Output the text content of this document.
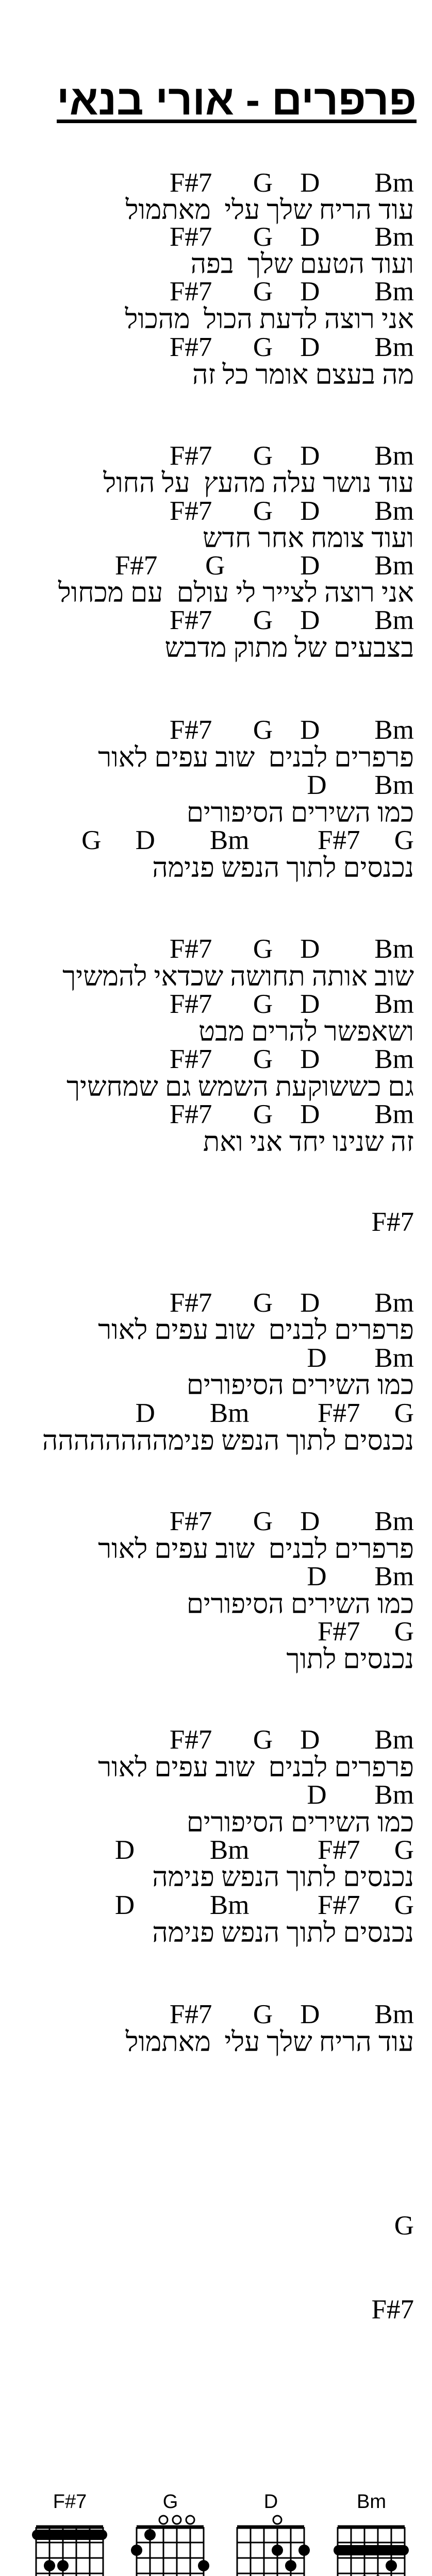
פרפרים - אורי בנאי
F#7      G    D        Bm
עוד הריח שלך עלי  מאתמול
F#7      G    D        Bm
ועוד הטעם שלך  בפה
F#7      G    D        Bm
אני רוצה לדעת הכול  מהכול
F#7      G    D        Bm
מה בעצם אומר כל זה
F#7      G    D        Bm
עוד נושר עלה מהעץ  על החול
F#7      G    D        Bm
ועוד צומח אחר חדש
F#7       G           D        Bm
אני רוצה לצייר לי עולם  עם מכחול
F#7      G    D        Bm
בצבעים של מתוק מדבש
F#7      G    D        Bm
פרפרים לבנים  שוב עפים לאור
D       Bm
כמו השירים הסיפורים
G     D        Bm          F#7     G
נכנסים לתוך הנפש פנימה
F#7      G    D        Bm
שוב אותה תחושה שכדאי להמשיך
F#7      G    D        Bm
ושאפשר להרים מבט
F#7      G    D        Bm
גם כששוקעת השמש גם שמחשיך
F#7      G    D        Bm
זה שנינו יחד אני ואת
F#7
F#7      G    D        Bm
פרפרים לבנים  שוב עפים לאור
D       Bm
כמו השירים הסיפורים
D        Bm          F#7     G
נכנסים לתוך הנפש פנימהההההההה
F#7      G    D        Bm
פרפרים לבנים  שוב עפים לאור
D       Bm
כמו השירים הסיפורים
F#7     G
נכנסים לתוך
F#7      G    D        Bm
פרפרים לבנים  שוב עפים לאור
D       Bm
כמו השירים הסיפורים
D           Bm          F#7     G
נכנסים לתוך הנפש פנימה
D           Bm          F#7     G
נכנסים לתוך הנפש פנימה
F#7      G    D        Bm
עוד הריח שלך עלי  מאתמול
G
F#7
F#7	G	D	Bm
